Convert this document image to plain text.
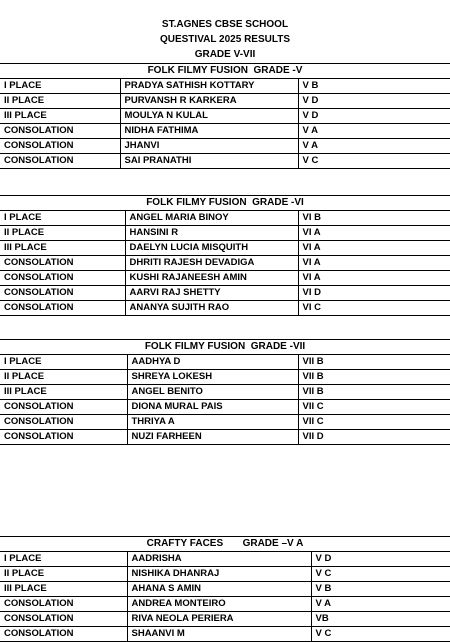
ST.AGNES CBSE SCHOOL
QUESTIVAL 2025 RESULTS
GRADE V-VII
FOLK FILMY FUSION  GRADE -V
I PLACE	PRADYA SATHISH KOTTARY	V B
II PLACE	PURVANSH R KARKERA	V D
III PLACE	MOULYA N KULAL	V D
CONSOLATION	NIDHA FATHIMA	V A
CONSOLATION	JHANVI	V A
CONSOLATION	SAI PRANATHI	V C
FOLK FILMY FUSION  GRADE -VI
I PLACE	ANGEL MARIA BINOY	VI B
II PLACE	HANSINI R	VI A
III PLACE	DAELYN LUCIA MISQUITH	VI A
CONSOLATION	DHRITI RAJESH DEVADIGA	VI A
CONSOLATION	KUSHI RAJANEESH AMIN	VI A
CONSOLATION	AARVI RAJ SHETTY	VI D
CONSOLATION	ANANYA SUJITH RAO	VI C
FOLK FILMY FUSION  GRADE -VII
I PLACE	AADHYA D	VII B
II PLACE	SHREYA LOKESH	VII B
III PLACE	ANGEL BENITO	VII B
CONSOLATION	DIONA MURAL PAIS	VII C
CONSOLATION	THRIYA A	VII C
CONSOLATION	NUZI FARHEEN	VII D
CRAFTY FACES       GRADE –V A
I PLACE	AADRISHA	V D
II PLACE	NISHIKA DHANRAJ	V C
III PLACE	AHANA S AMIN	V B
CONSOLATION	ANDREA MONTEIRO	V A
CONSOLATION	RIVA NEOLA PERIERA	VB
CONSOLATION	SHAANVI M	V C
